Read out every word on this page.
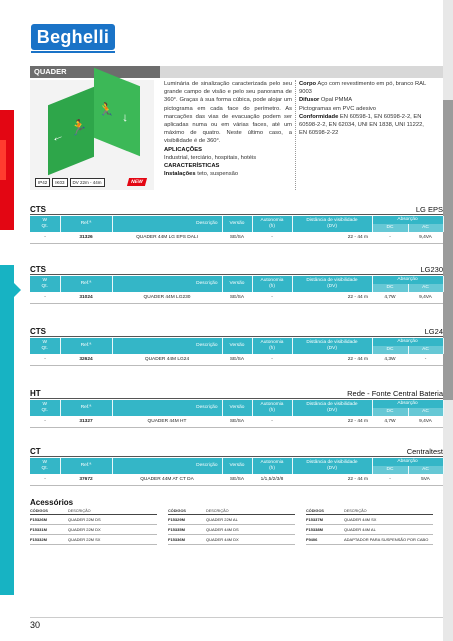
Beghelli
QUADER
← 🏃
🏃 ↓
IP42	IK03	DV 22m - 44m	NEW
Luminária de sinalização caracterizada pelo seu grande campo de visão e pelo seu panorama de 360°. Graças à sua forma cúbica, pode alojar um pictograma em cada face do perímetro. As marcações das vias de evacuação podem ser aplicadas numa ou em várias faces, até um máximo de quatro. Neste último caso, a visibilidade é de 360°.
APLICAÇÕES
Industrial, terciário, hospitais, hotéis
CARACTERÍSTICAS
Instalações teto, suspensão
Corpo Aço com revestimento em pó, branco RAL 9003
Difusor Opal PMMA
Pictogramas em PVC adesivo
Conformidade EN 60598-1, EN 60598-2-2, EN 60598-2-2, EN 62034, UNI EN 1838, UNI 11222, EN 60598-2-22
CTS	LG EPS
W
Qt.	Ref.ª	Descrição	Versão	Autonomia
(h)	Distância de visibilidade
(DV)	Absorção	
						DC	AC
-	31326	QUADER 44M LG EPS DALI	SE/SA	-	22 - 44 m	-	9,4VA
CTS	LG230
W
Qt.	Ref.ª	Descrição	Versão	Autonomia
(h)	Distância de visibilidade
(DV)	Absorção	
						DC	AC
-	31024	QUADER 44M LG230	SE/SA	-	22 - 44 m	4,7W	9,4VA
CTS	LG24
W
Qt.	Ref.ª	Descrição	Versão	Autonomia
(h)	Distância de visibilidade
(DV)	Absorção	
						DC	AC
-	32624	QUADER 44M LG24	SE/SA	-	22 - 44 m	4,3W	-
HT	Rede - Fonte Central Bateria
W
Qt.	Ref.ª	Descrição	Versão	Autonomia
(h)	Distância de visibilidade
(DV)	Absorção	
						DC	AC
-	31327	QUADER 44M HT	SE/SA	-	22 - 44 m	4,7W	9,4VA
CT	Centraltest
W
Qt.	Ref.ª	Descrição	Versão	Autonomia
(h)	Distância de visibilidade
(DV)	Absorção	
						DC	AC
-	37672	QUADER 44M AT CT DA	SE/SA	1/1,5/2/3/8	22 - 44 m	-	5VA
Acessórios
CÓDIGOS	DESCRIÇÃO
F15326M	QUADER 22M DS
F15331M	QUADER 22M DX
F15332M	QUADER 22M SX
CÓDIGOS	DESCRIÇÃO
F15329M	QUADER 22M AL
F15335M	QUADER 44M DS
F15336M	QUADER 44M DX
CÓDIGOS	DESCRIÇÃO
F15337M	QUADER 44M SX
F15338M	QUADER 44M AL
F9406	ADAPTADOR PARA SUSPENSÃO POR CABO
30
